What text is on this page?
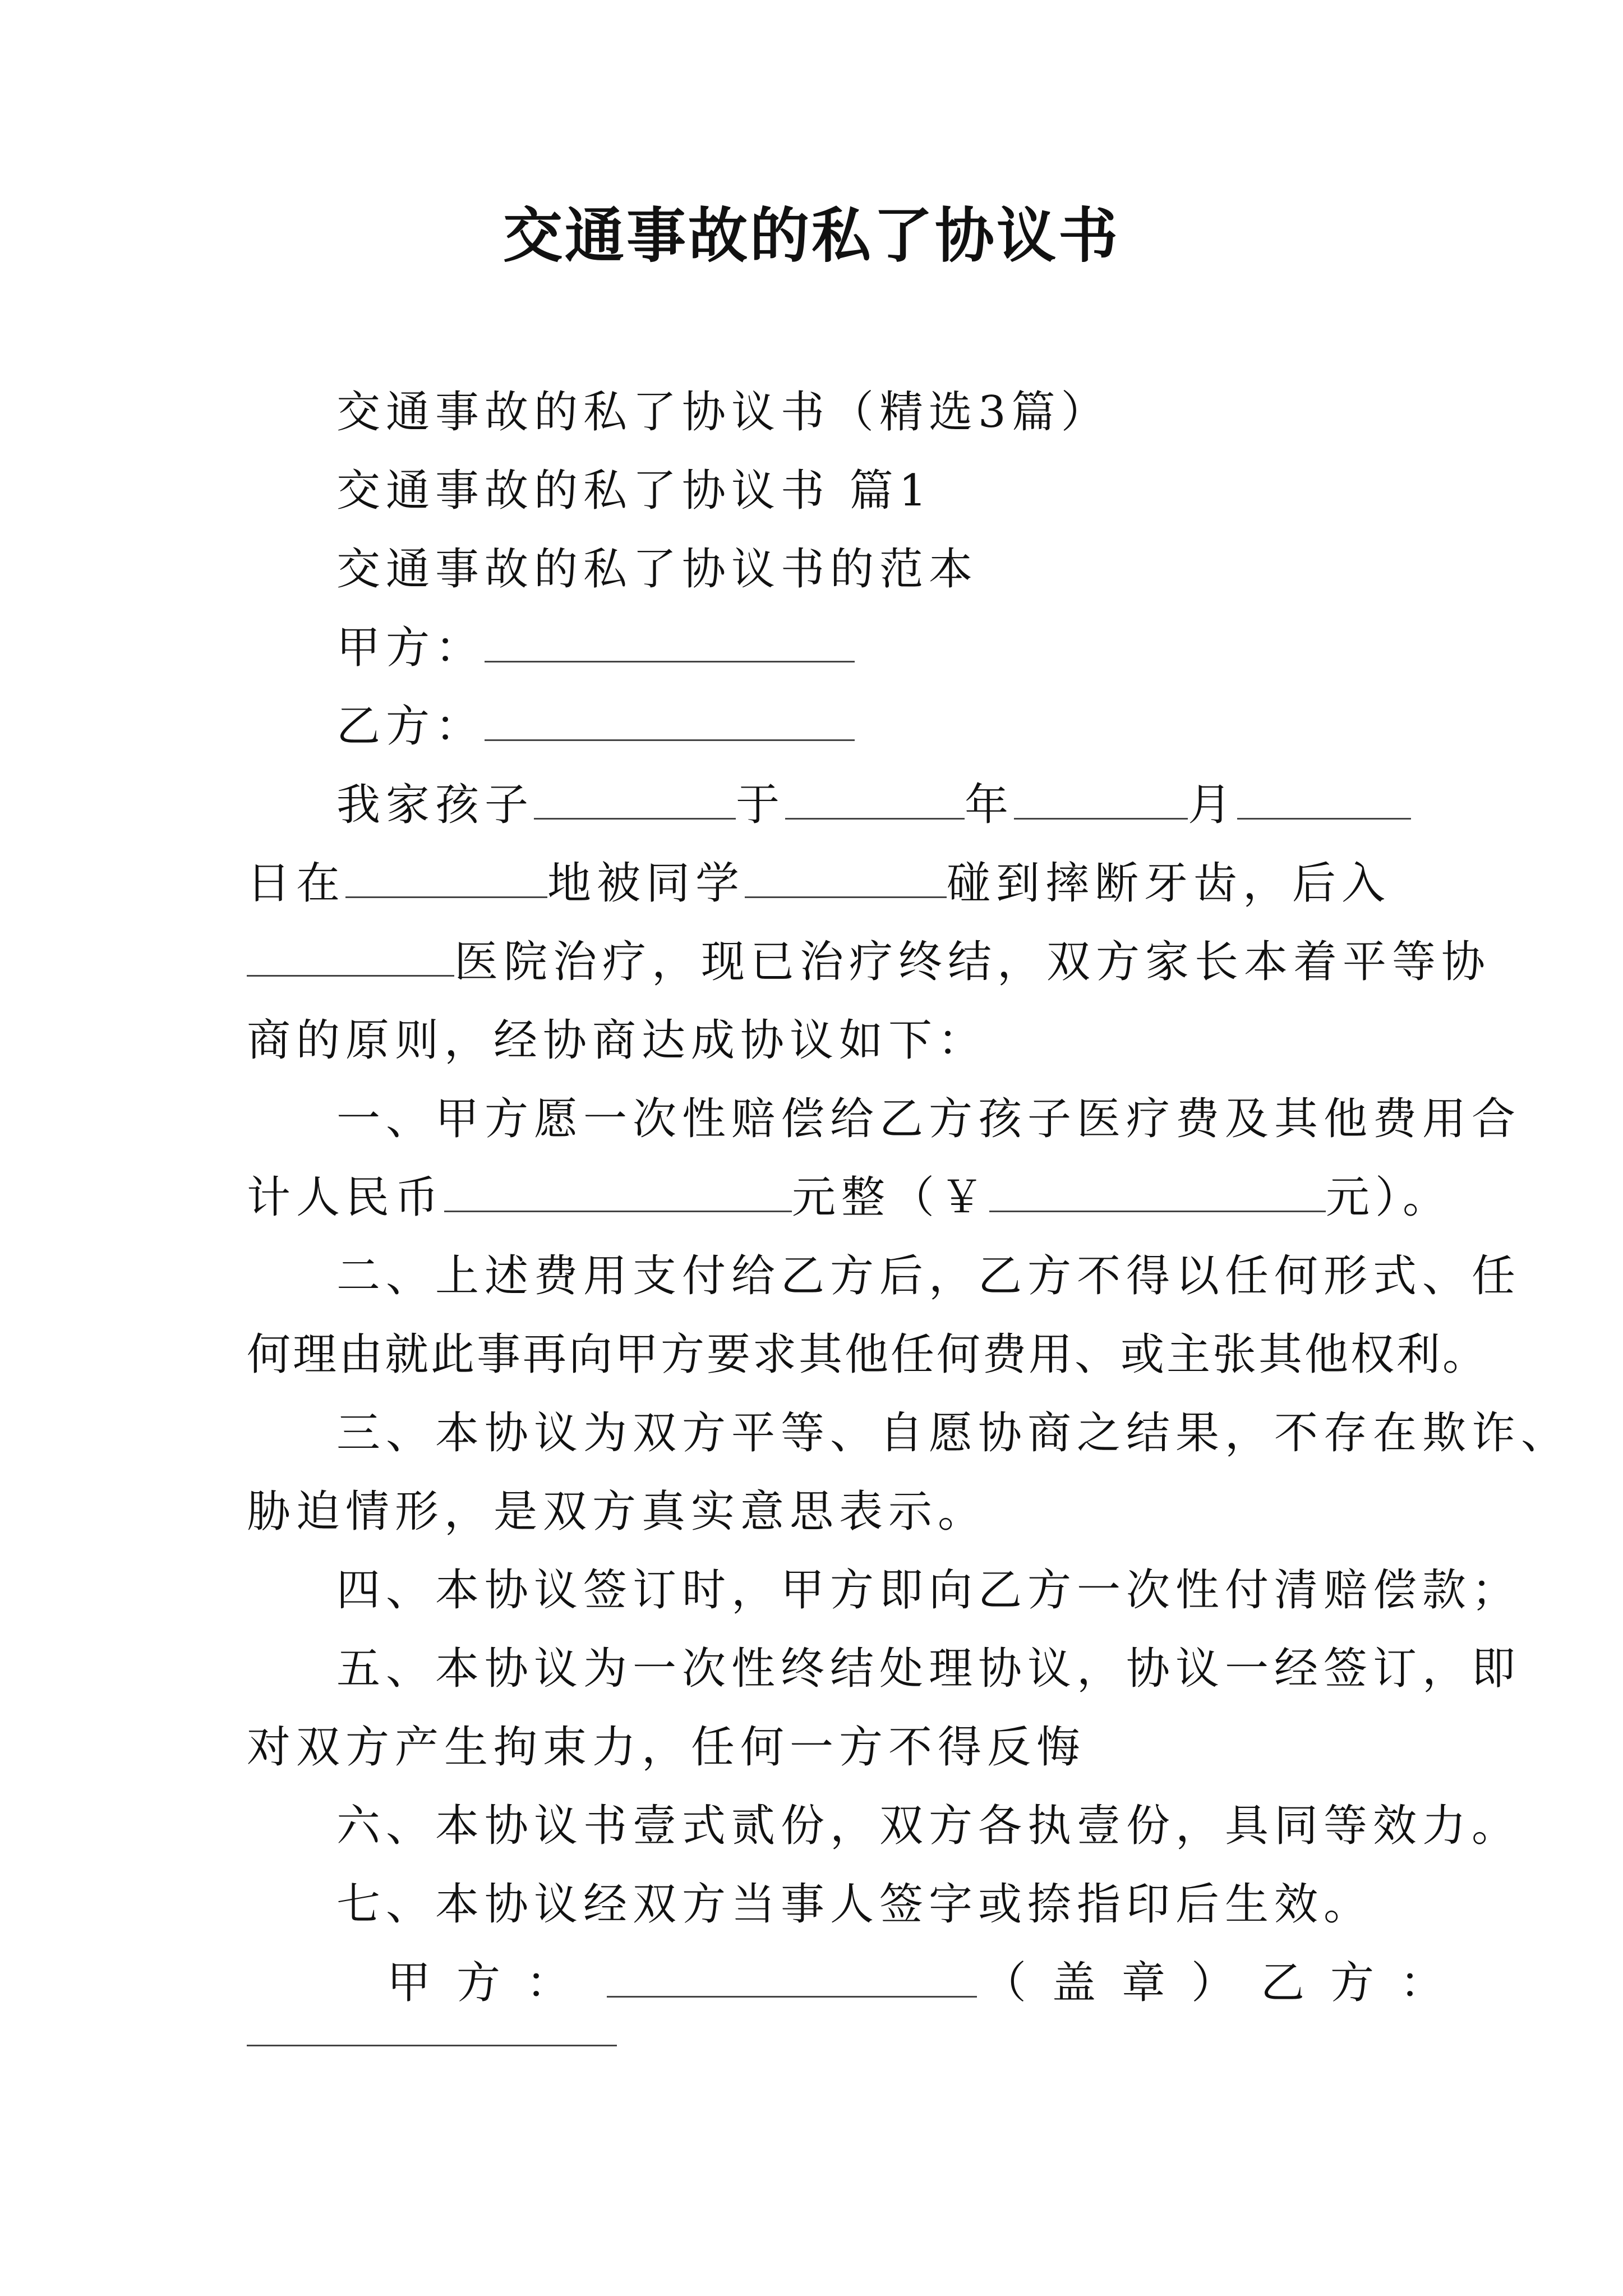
交通事故的私了协议书
交通事故的私了协议书（精选3篇）
交通事故的私了协议书 篇1
交通事故的私了协议书的范本
甲方：
乙方：
我家孩子	于	年	月
日在	地被同学	碰到摔断牙齿，后入
医院治疗，现已治疗终结，双方家长本着平等协
商的原则，经协商达成协议如下：
一、甲方愿一次性赔偿给乙方孩子医疗费及其他费用合
计人民币	元整（￥	元）。
二、上述费用支付给乙方后，乙方不得以任何形式、任
何理由就此事再向甲方要求其他任何费用、或主张其他权利。
三、本协议为双方平等、自愿协商之结果，不存在欺诈、
胁迫情形，是双方真实意思表示。
四、本协议签订时，甲方即向乙方一次性付清赔偿款；
五、本协议为一次性终结处理协议，协议一经签订，即
对双方产生拘束力，任何一方不得反悔
六、本协议书壹式贰份，双方各执壹份，具同等效力。
七、本协议经双方当事人签字或捺指印后生效。
甲方：	（盖章）乙方：
